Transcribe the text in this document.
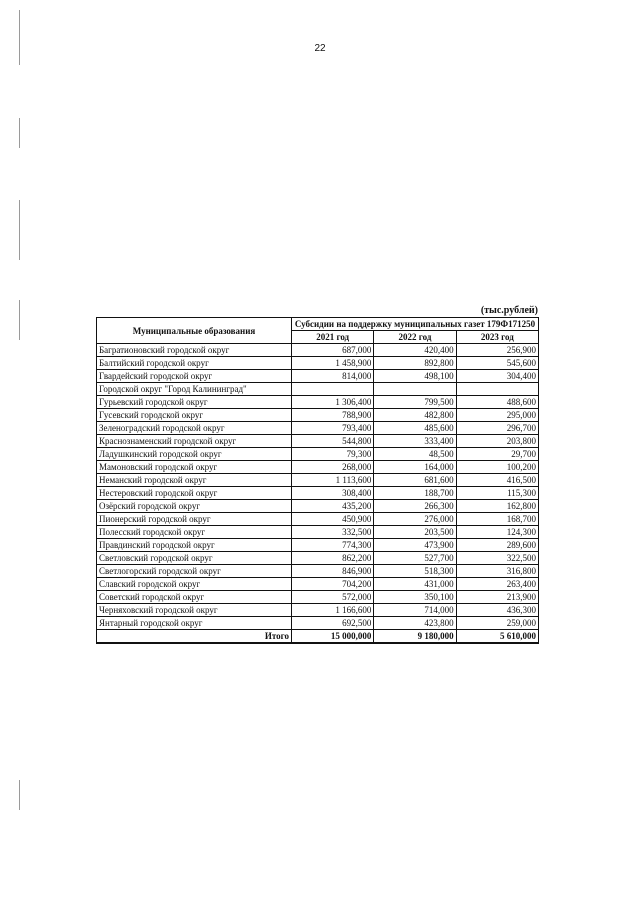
22
(тыс.рублей)
Муниципальные образования	Субсидии на поддержку муниципальных газет 179Ф171250		
	2021 год	2022 год	2023 год
Багратионовский городской округ	687,000	420,400	256,900
Балтийский городской округ	1 458,900	892,800	545,600
Гвардейский городской округ	814,000	498,100	304,400
Городской округ "Город Калининград"			
Гурьевский городской округ	1 306,400	799,500	488,600
Гусевский городской округ	788,900	482,800	295,000
Зеленоградский городской округ	793,400	485,600	296,700
Краснознаменский городской округ	544,800	333,400	203,800
Ладушкинский городской округ	79,300	48,500	29,700
Мамоновский городской округ	268,000	164,000	100,200
Неманский городской округ	1 113,600	681,600	416,500
Нестеровский городской округ	308,400	188,700	115,300
Озёрский городской округ	435,200	266,300	162,800
Пионерский городской округ	450,900	276,000	168,700
Полесский городской округ	332,500	203,500	124,300
Правдинский городской округ	774,300	473,900	289,600
Светловский городской округ	862,200	527,700	322,500
Светлогорский городской округ	846,900	518,300	316,800
Славский городской округ	704,200	431,000	263,400
Советский городской округ	572,000	350,100	213,900
Черняховский городской округ	1 166,600	714,000	436,300
Янтарный городской округ	692,500	423,800	259,000
Итого	15 000,000	9 180,000	5 610,000
